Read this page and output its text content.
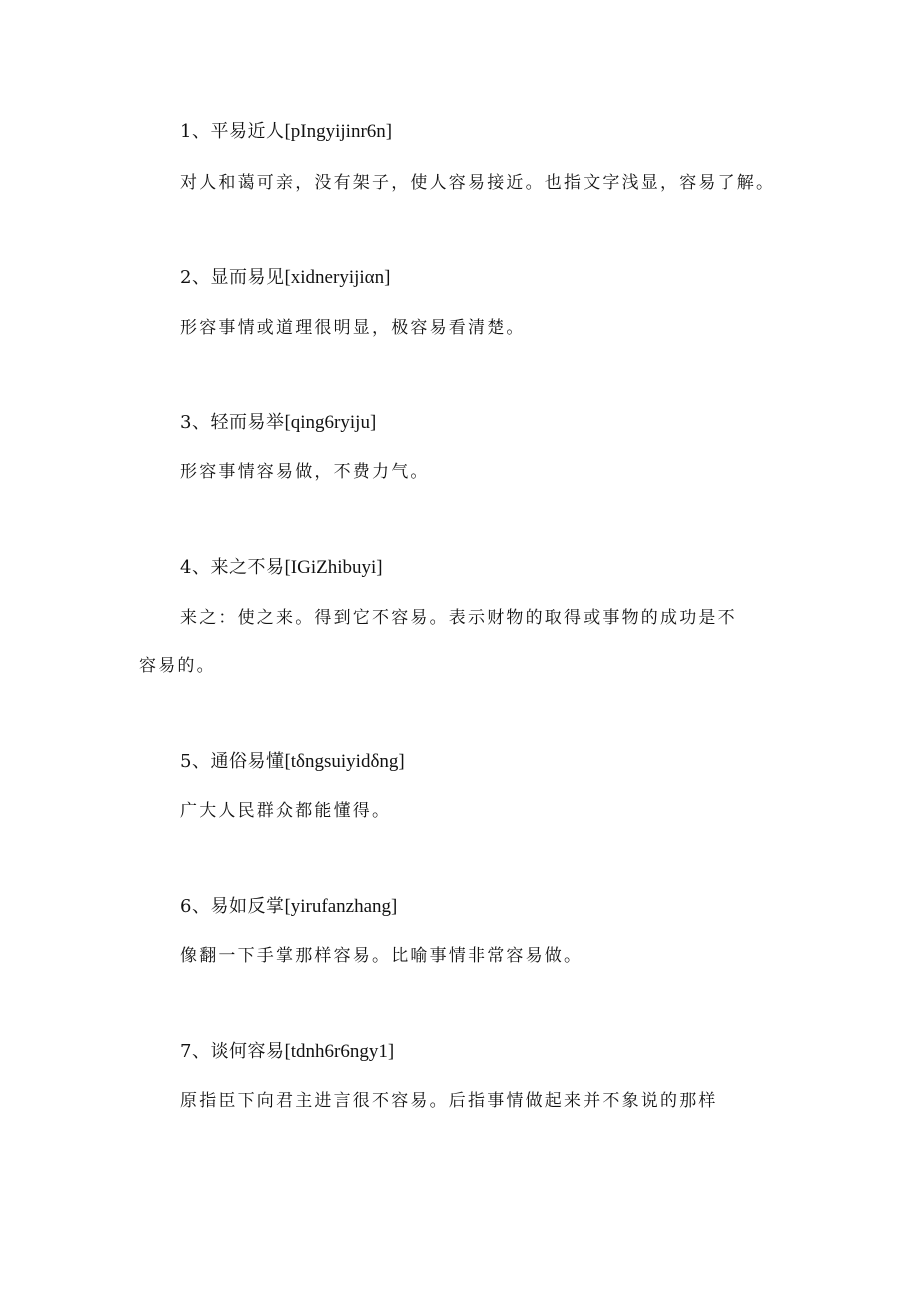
1、平易近人[pIngyijinr6n]
对人和蔼可亲，没有架子，使人容易接近。也指文字浅显，容易了解。
2、显而易见[xidneryijiαn]
形容事情或道理很明显，极容易看清楚。
3、轻而易举[qing6ryiju]
形容事情容易做，不费力气。
4、来之不易[IGiZhibuyi]
来之：使之来。得到它不容易。表示财物的取得或事物的成功是不
容易的。
5、通俗易懂[tδngsuiyidδng]
广大人民群众都能懂得。
6、易如反掌[yirufanzhang]
像翻一下手掌那样容易。比喻事情非常容易做。
7、谈何容易[tdnh6r6ngy1]
原指臣下向君主进言很不容易。后指事情做起来并不象说的那样
